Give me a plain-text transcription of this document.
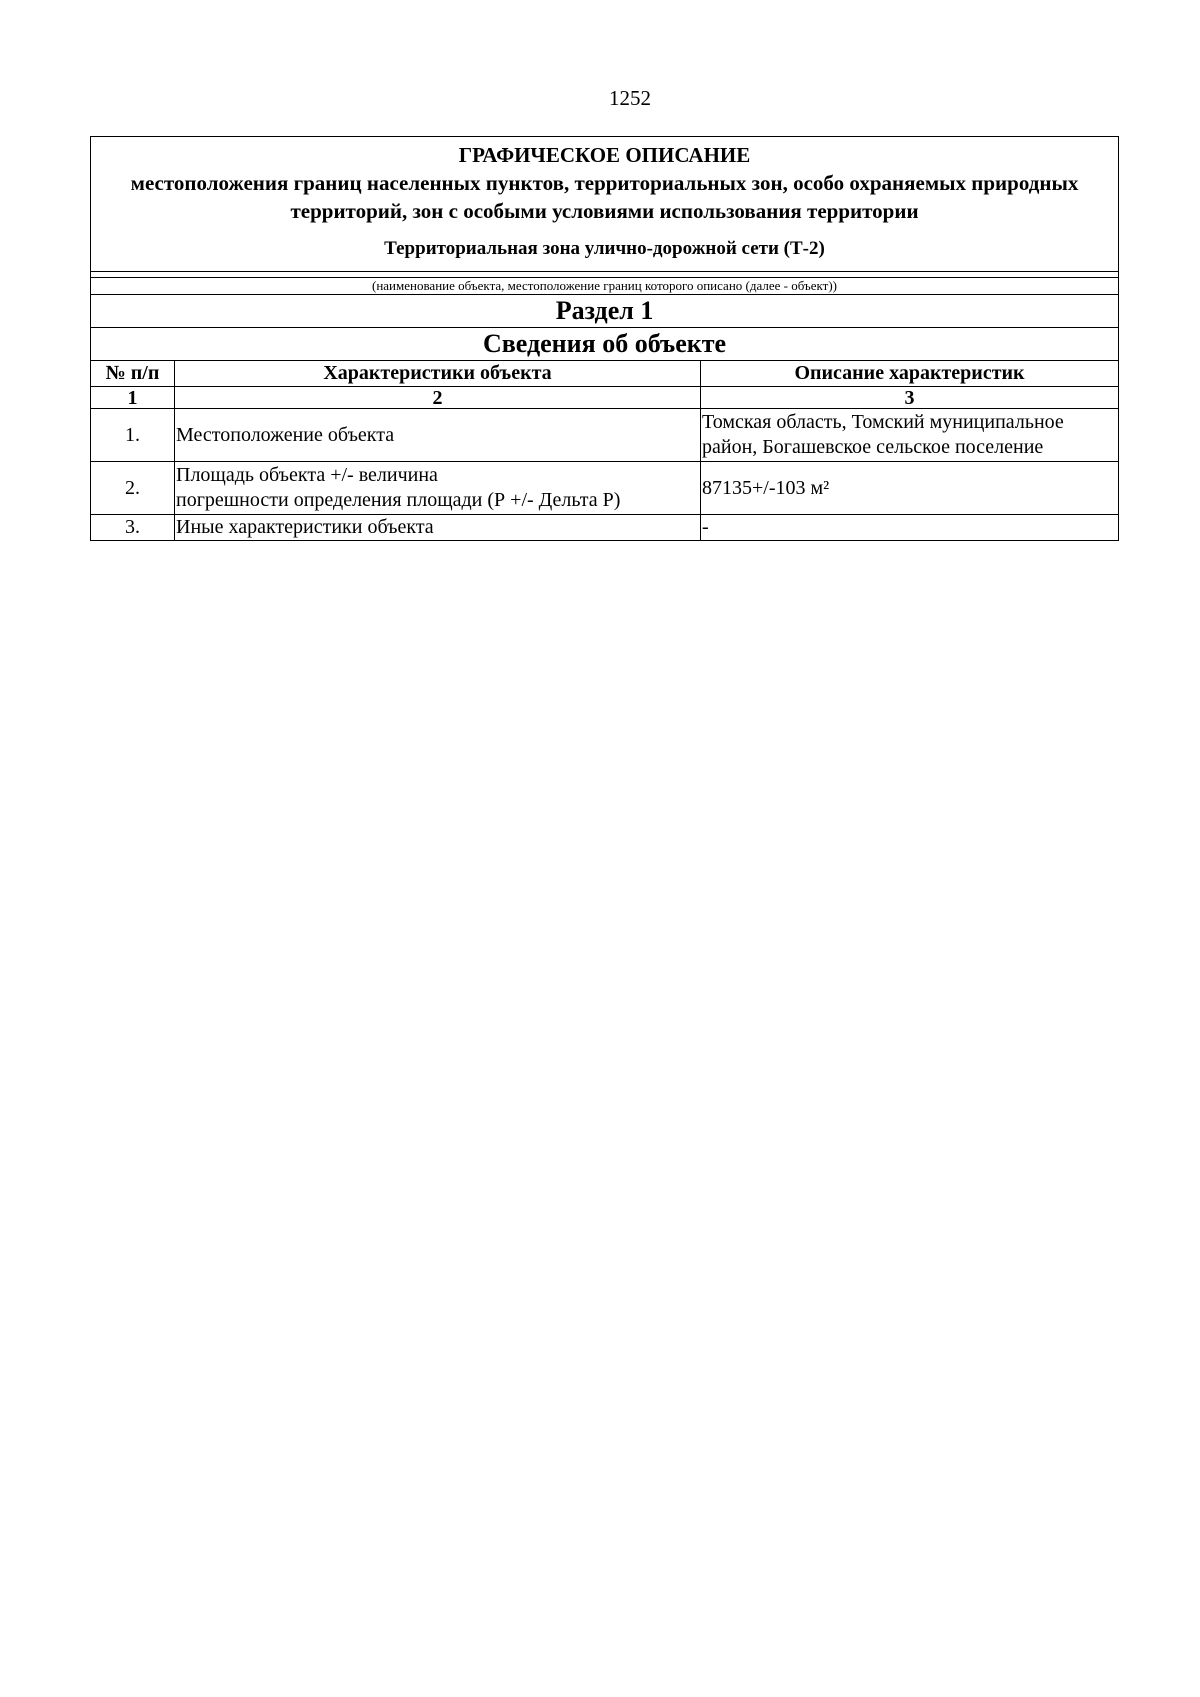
1252
ГРАФИЧЕСКОЕ ОПИСАНИЕ
местоположения границ населенных пунктов, территориальных зон, особо охраняемых природных территорий, зон с особыми условиями использования территории
Территориальная зона улично-дорожной сети (Т-2)		

(наименование объекта, местоположение границ которого описано (далее - объект))		
Раздел 1		
Сведения об объекте		
№ п/п	Характеристики объекта	Описание характеристик
1	2	3
1.	Местоположение объекта	Томская область, Томский муниципальное
район, Богашевское сельское поселение

2.	Площадь объекта +/- величина
погрешности определения площади (Р +/- Дельта Р)	87135+/-103 м²
3.	Иные характеристики объекта	-
